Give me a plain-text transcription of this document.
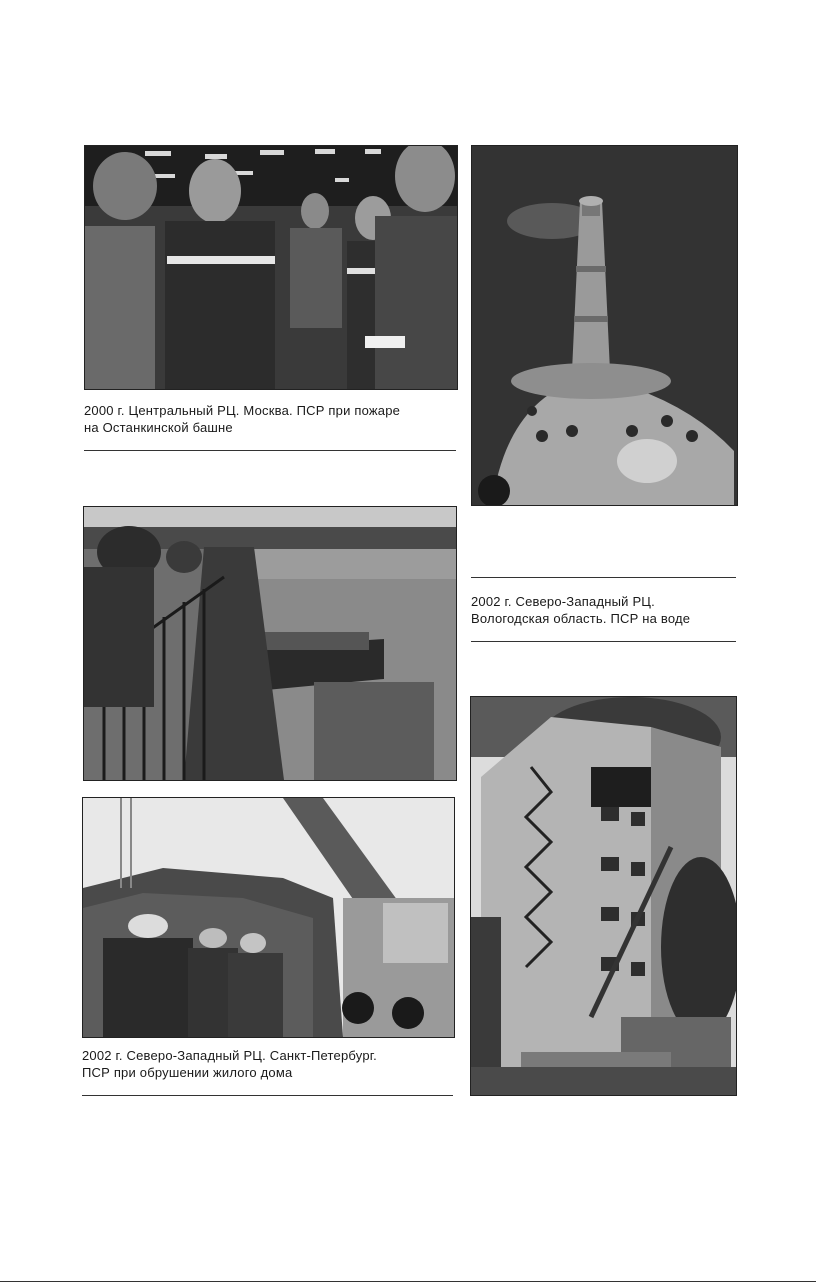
2000 г. Центральный РЦ. Москва. ПСР при пожаре
на Останкинской башне
2002 г. Северо-Западный РЦ.
Вологодская область. ПСР на воде
2002 г. Северо-Западный РЦ. Санкт-Петербург.
ПСР при обрушении жилого дома
